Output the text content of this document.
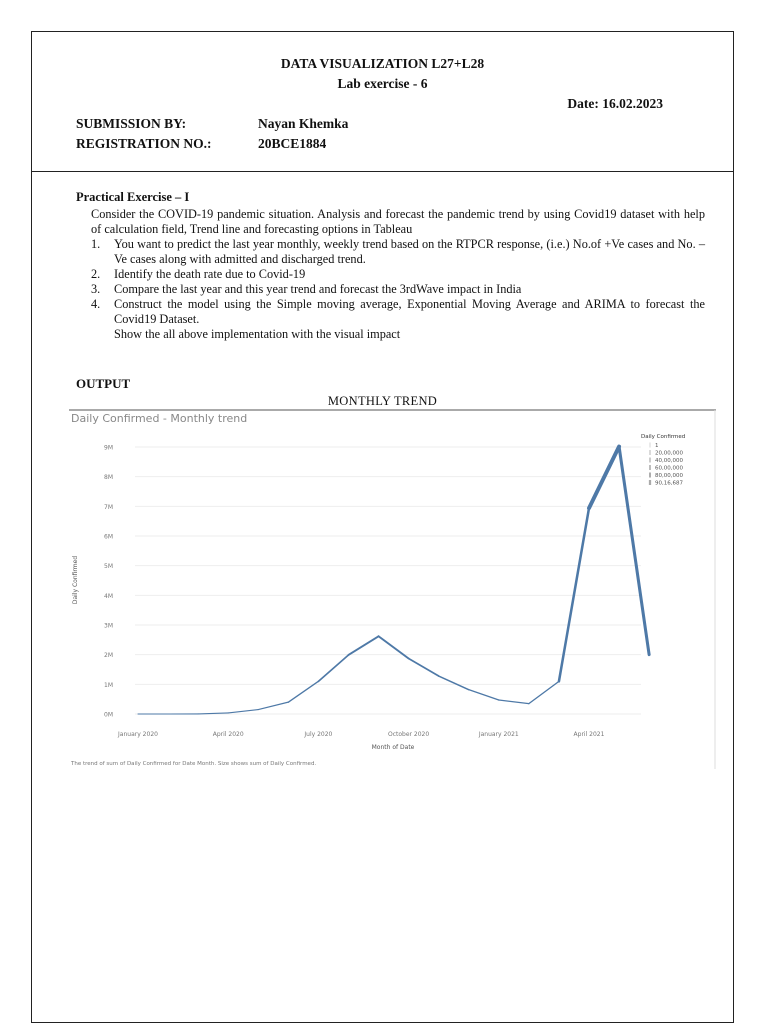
DATA VISUALIZATION L27+L28
Lab exercise - 6
Date: 16.02.2023
SUBMISSION BY:	Nayan Khemka
REGISTRATION NO.:	20BCE1884
Practical Exercise – I

Consider the COVID-19 pandemic situation. Analysis and forecast the pandemic trend by using Covid19 dataset with help of calculation field, Trend line and forecasting options in Tableau

1. You want to predict the last year monthly, weekly trend based on the RTPCR response, (i.e.) No.of +Ve cases and No. –Ve cases along with admitted and discharged trend.
2. Identify the death rate due to Covid-19
3. Compare the last year and this year trend and forecast the 3rdWave impact in India
4. Construct the model using the Simple moving average, Exponential Moving Average and ARIMA to forecast the Covid19 Dataset.

Show the all above implementation with the visual impact

OUTPUT
MONTHLY TREND
Daily Confirmed - Monthly trend
0M
1M
2M
3M
4M
5M
6M
7M
8M
9M
January 2020	April 2020	July 2020	October 2020	January 2021	April 2021
Month of Date
Daily Confirmed
Daily Confirmed
1
20,00,000
40,00,000
60,00,000
80,00,000
90,16,687
The trend of sum of Daily Confirmed for Date Month. Size shows sum of Daily Confirmed.
